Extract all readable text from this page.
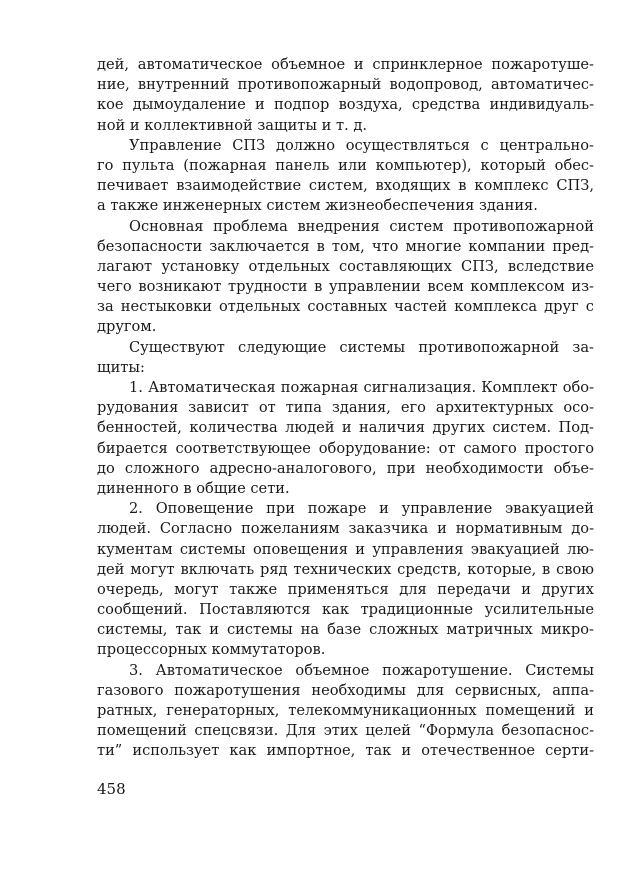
дей, автоматическое объемное и спринклерное пожаротуше-
ние, внутренний противопожарный водопровод, автоматичес-
кое дымоудаление и подпор воздуха, средства индивидуаль-
ной и коллективной защиты и т. д.
Управление СПЗ должно осуществляться с центрально-
го пульта (пожарная панель или компьютер), который обес-
печивает взаимодействие систем, входящих в комплекс СПЗ,
а также инженерных систем жизнеобеспечения здания.
Основная проблема внедрения систем противопожарной
безопасности заключается в том, что многие компании пред-
лагают установку отдельных составляющих СПЗ, вследствие
чего возникают трудности в управлении всем комплексом из-
за нестыковки отдельных составных частей комплекса друг с
другом.
Существуют следующие системы противопожарной за-
щиты:
1. Автоматическая пожарная сигнализация. Комплект обо-
рудования зависит от типа здания, его архитектурных осо-
бенностей, количества людей и наличия других систем. Под-
бирается соответствующее оборудование: от самого простого
до сложного адресно-аналогового, при необходимости объе-
диненного в общие сети.
2. Оповещение при пожаре и управление эвакуацией
людей. Согласно пожеланиям заказчика и нормативным до-
кументам системы оповещения и управления эвакуацией лю-
дей могут включать ряд технических средств, которые, в свою
очередь, могут также применяться для передачи и других
сообщений. Поставляются как традиционные усилительные
системы, так и системы на базе сложных матричных микро-
процессорных коммутаторов.
3. Автоматическое объемное пожаротушение. Системы
газового пожаротушения необходимы для сервисных, аппа-
ратных, генераторных, телекоммуникационных помещений и
помещений спецсвязи. Для этих целей “Формула безопаснос-
ти” использует как импортное, так и отечественное серти-
458
